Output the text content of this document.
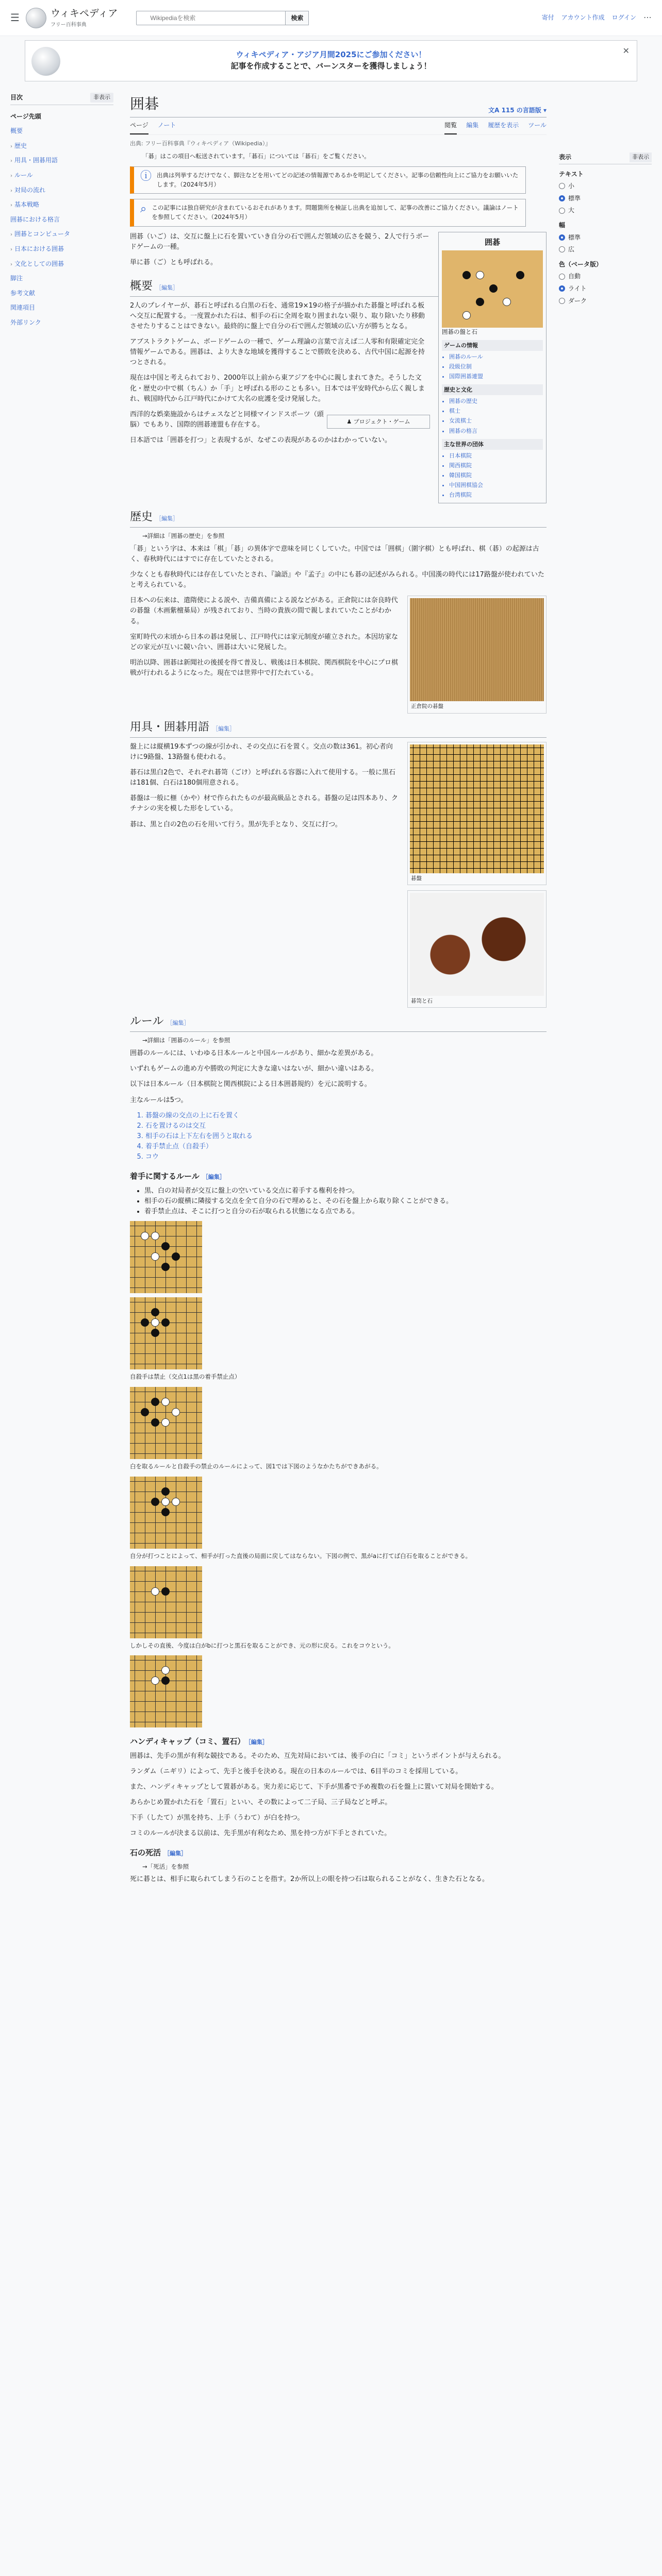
☰	ウィキペディア
フリー百科事典
Wikipediaを検索
検索	寄付 アカウント作成 ログイン ⋯
ウィキペディア・アジア月間2025にご参加ください！
記事を作成することで、バーンスターを獲得しましょう！
✕
目次	非表示
ページ先頭
概要
› 歴史
› 用具・囲碁用語
› ルール
› 対局の流れ
› 基本戦略
囲碁における格言
› 囲碁とコンピュータ
› 日本における囲碁
› 文化としての囲碁
脚注
参考文献
関連項目
外部リンク
囲碁	文A 115 の言語版 ▾
ページ ノート	閲覧 編集 履歴を表示 ツール
出典: フリー百科事典『ウィキペディア（Wikipedia）』
「碁」はこの項目へ転送されています。「碁石」については「碁石」をご覧ください。
ⓘ 出典は列挙するだけでなく、脚注などを用いてどの記述の情報源であるかを明記してください。記事の信頼性向上にご協力をお願いいたします。（2024年5月）
⌕ この記事には独自研究が含まれているおそれがあります。問題箇所を検証し出典を追加して、記事の改善にご協力ください。議論はノートを参照してください。（2024年5月）
囲碁
囲碁の盤と石
ゲームの情報
• 囲碁のルール
• 段級位制
• 国際囲碁連盟
歴史と文化
• 囲碁の歴史
• 棋士
• 女流棋士
• 囲碁の格言
主な世界の団体
• 日本棋院
• 関西棋院
• 韓国棋院
• 中国囲棋協会
• 台湾棋院

囲碁（いご）は、交互に盤上に石を置いていき自分の石で囲んだ領域の広さを競う、2人で行うボードゲームの一種。

単に碁（ご）とも呼ばれる。

概要 ［編集］

2人のプレイヤーが、碁石と呼ばれる白黒の石を、通常19×19の格子が描かれた碁盤と呼ばれる板へ交互に配置する。一度置かれた石は、相手の石に全周を取り囲まれない限り、取り除いたり移動させたりすることはできない。最終的に盤上で自分の石で囲んだ領域の広い方が勝ちとなる。

アブストラクトゲーム、ボードゲームの一種で、ゲーム理論の言葉で言えば二人零和有限確定完全情報ゲームである。囲碁は、より大きな地域を獲得することで勝敗を決める、古代中国に起源を持つとされる。

現在は中国と考えられており、2000年以上前から東アジアを中心に親しまれてきた。そうした文化・歴史の中で棋（ちん）か「手」と呼ばれる形のことも多い。日本では平安時代から広く親しまれ、戦国時代から江戸時代にかけて大名の庇護を受け発展した。

♟ プロジェクト・ゲーム

西洋的な娯楽施設からはチェスなどと同様マインドスポーツ（頭脳）でもあり、国際的囲碁連盟も存在する。

日本語では「囲碁を打つ」と表現するが、なぜこの表現があるのかはわかっていない。

歴史 ［編集］
→詳細は「囲碁の歴史」を参照

「碁」という字は、本来は「棋」「碁」の異体字で意味を同じくしていた。中国では「囲棋」（圍字棋）とも呼ばれ、棋（碁）の起源は古く、春秋時代にはすでに存在していたとされる。

少なくとも春秋時代には存在していたとされ、『論語』や『孟子』の中にも碁の記述がみられる。中国漢の時代には17路盤が使われていたと考えられている。

正倉院の碁盤

日本への伝来は、遣隋使による説や、吉備真備による説などがある。正倉院には奈良時代の碁盤（木画紫檀棊局）が残されており、当時の貴族の間で親しまれていたことがわかる。

室町時代の末頃から日本の碁は発展し、江戸時代には家元制度が確立された。本因坊家などの家元が互いに競い合い、囲碁は大いに発展した。

明治以降、囲碁は新聞社の後援を得て普及し、戦後は日本棋院、関西棋院を中心にプロ棋戦が行われるようになった。現在では世界中で打たれている。

用具・囲碁用語 ［編集］
碁盤

盤上には縦横19本ずつの線が引かれ、その交点に石を置く。交点の数は361。初心者向けに9路盤、13路盤も使われる。

碁石は黒白2色で、それぞれ碁笥（ごけ）と呼ばれる容器に入れて使用する。一般に黒石は181個、白石は180個用意される。

碁盤は一般に榧（かや）材で作られたものが最高級品とされる。碁盤の足は四本あり、クチナシの実を模した形をしている。

碁笥と石

碁は、黒と白の2色の石を用いて行う。黒が先手となり、交互に打つ。

ルール ［編集］
→詳細は「囲碁のルール」を参照

囲碁のルールには、いわゆる日本ルールと中国ルールがあり、細かな差異がある。

いずれもゲームの進め方や勝敗の判定に大きな違いはないが、細かい違いはある。

以下は日本ルール（日本棋院と関西棋院による日本囲碁規約）を元に説明する。

主なルールは5つ。

1. 碁盤の線の交点の上に石を置く
2. 石を置けるのは交互
3. 相手の石は上下左右を囲うと取れる
4. 着手禁止点（自殺手）
5. コウ
着手に関するルール ［編集］
• 黒、白の対局者が交互に盤上の空いている交点に着手する権利を持つ。
• 相手の石の縦横に隣接する交点を全て自分の石で埋めると、その石を盤上から取り除くことができる。
• 着手禁止点は、そこに打つと自分の石が取られる状態になる点である。

自殺手は禁止（交点1は黒の着手禁止点）

白を取るルールと自殺手の禁止のルールによって、図1では下図のようなかたちができあがる。

自分が打つことによって、相手が打った直後の局面に戻してはならない。下図の例で、黒がaに打てば白石を取ることができる。

しかしその直後、今度は白がbに打つと黒石を取ることができ、元の形に戻る。これをコウという。

ハンディキャップ（コミ、置石） ［編集］

囲碁は、先手の黒が有利な競技である。そのため、互先対局においては、後手の白に「コミ」というポイントが与えられる。

ランダム（ニギリ）によって、先手と後手を決める。現在の日本のルールでは、6目半のコミを採用している。

また、ハンディキャップとして置碁がある。実力差に応じて、下手が黒番で予め複数の石を盤上に置いて対局を開始する。

あらかじめ置かれた石を「置石」といい、その数によって二子局、三子局などと呼ぶ。

下手（したて）が黒を持ち、上手（うわて）が白を持つ。

コミのルールが決まる以前は、先手黒が有利なため、黒を持つ方が下手とされていた。

石の死活 ［編集］
→「死活」を参照

死に碁とは、相手に取られてしまう石のことを指す。2か所以上の眼を持つ石は取られることがなく、生きた石となる。

表示	非表示
テキスト
小
標準
大
幅
標準
広
色（ベータ版）
自動
ライト
ダーク
